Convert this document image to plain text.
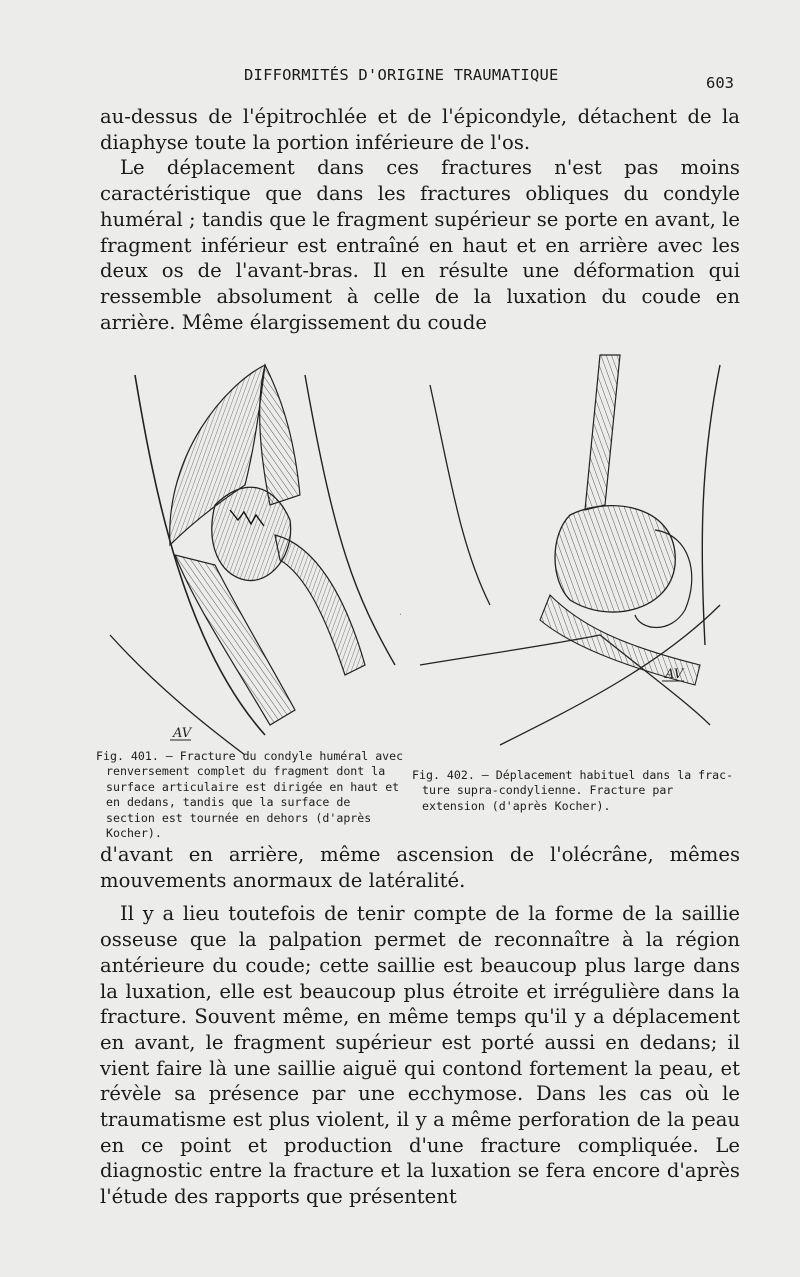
DIFFORMITÉS D'ORIGINE TRAUMATIQUE	603

au-dessus de l'épitrochlée et de l'épicondyle, détachent de la diaphyse toute la portion inférieure de l'os.

Le déplacement dans ces fractures n'est pas moins caractéristique que dans les fractures obliques du condyle huméral ; tandis que le fragment supérieur se porte en avant, le fragment inférieur est entraîné en haut et en arrière avec les deux os de l'avant-bras. Il en résulte une déformation qui ressemble absolument à celle de la luxation du coude en arrière. Même élargissement du coude

AV
AV
Fig. 401. — Fracture du condyle huméral avec
renversement complet du fragment dont la surface articulaire est dirigée en haut et en dedans, tandis que la surface de section est tournée en dehors (d'après Kocher).
Fig. 402. — Déplacement habituel dans la frac-
ture supra-condylienne. Fracture par extension (d'après Kocher).

d'avant en arrière, même ascension de l'olécrâne, mêmes mouvements anormaux de latéralité.

Il y a lieu toutefois de tenir compte de la forme de la saillie osseuse que la palpation permet de reconnaître à la région antérieure du coude; cette saillie est beaucoup plus large dans la luxation, elle est beaucoup plus étroite et irrégulière dans la fracture. Souvent même, en même temps qu'il y a déplacement en avant, le fragment supérieur est porté aussi en dedans; il vient faire là une saillie aiguë qui contond fortement la peau, et révèle sa présence par une ecchymose. Dans les cas où le traumatisme est plus violent, il y a même perforation de la peau en ce point et production d'une fracture compliquée. Le diagnostic entre la fracture et la luxation se fera encore d'après l'étude des rapports que présentent
